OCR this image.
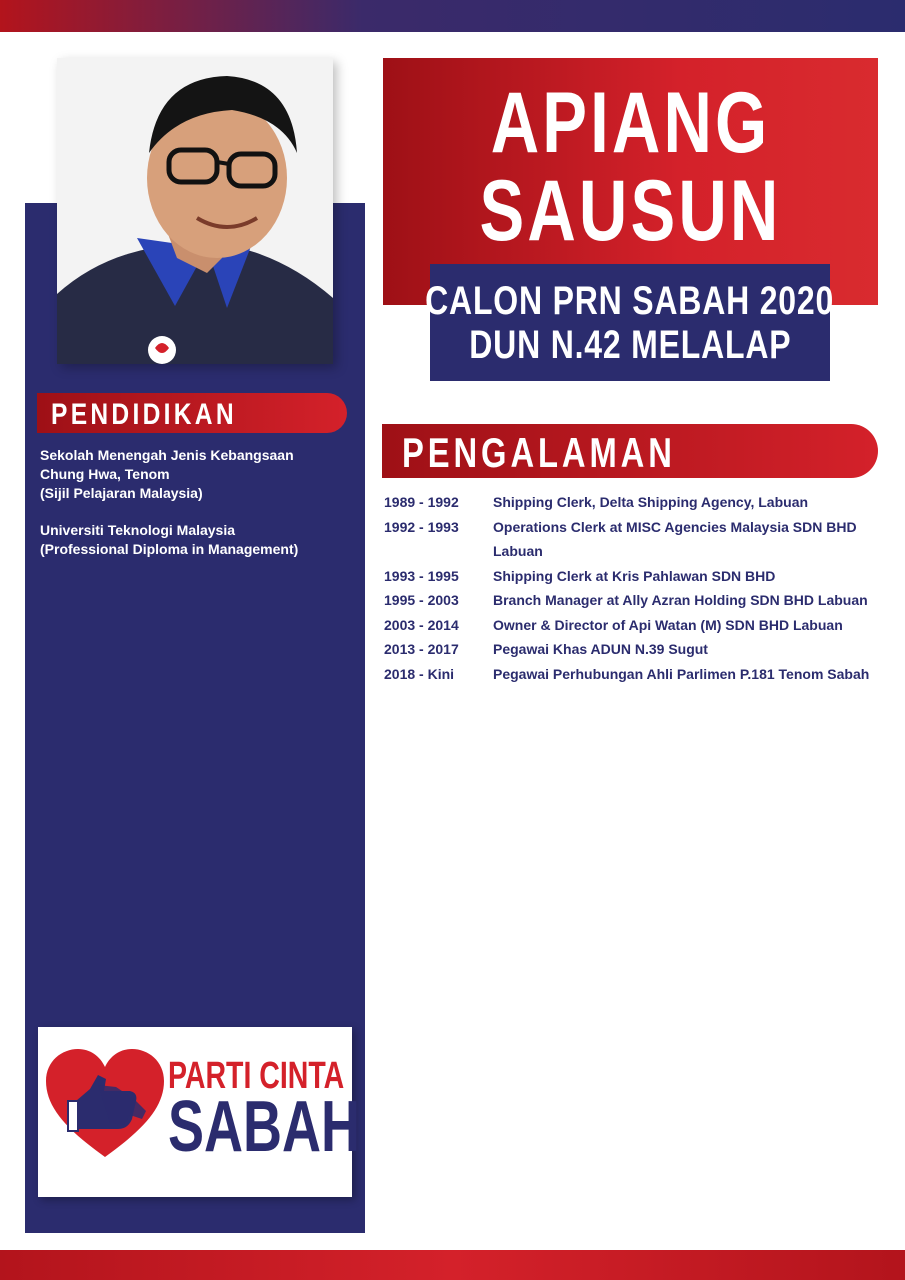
APIANG
SAUSUN
CALON PRN SABAH 2020
DUN N.42 MELALAP
PENDIDIKAN
Sekolah Menengah Jenis Kebangsaan
Chung Hwa, Tenom
(Sijil Pelajaran Malaysia)
Universiti Teknologi Malaysia
(Professional Diploma in Management)
PENGALAMAN
1989 - 1992	Shipping Clerk, Delta Shipping Agency, Labuan
1992 - 1993	Operations Clerk at MISC Agencies Malaysia SDN BHD Labuan
1993 - 1995	Shipping Clerk at Kris Pahlawan SDN BHD
1995 - 2003	Branch Manager at Ally Azran Holding SDN BHD Labuan
2003 - 2014	Owner & Director of Api Watan (M) SDN BHD Labuan
2013 - 2017	Pegawai Khas ADUN N.39 Sugut
2018 - Kini	Pegawai Perhubungan Ahli Parlimen P.181 Tenom Sabah
PARTI CINTA
SABAH
